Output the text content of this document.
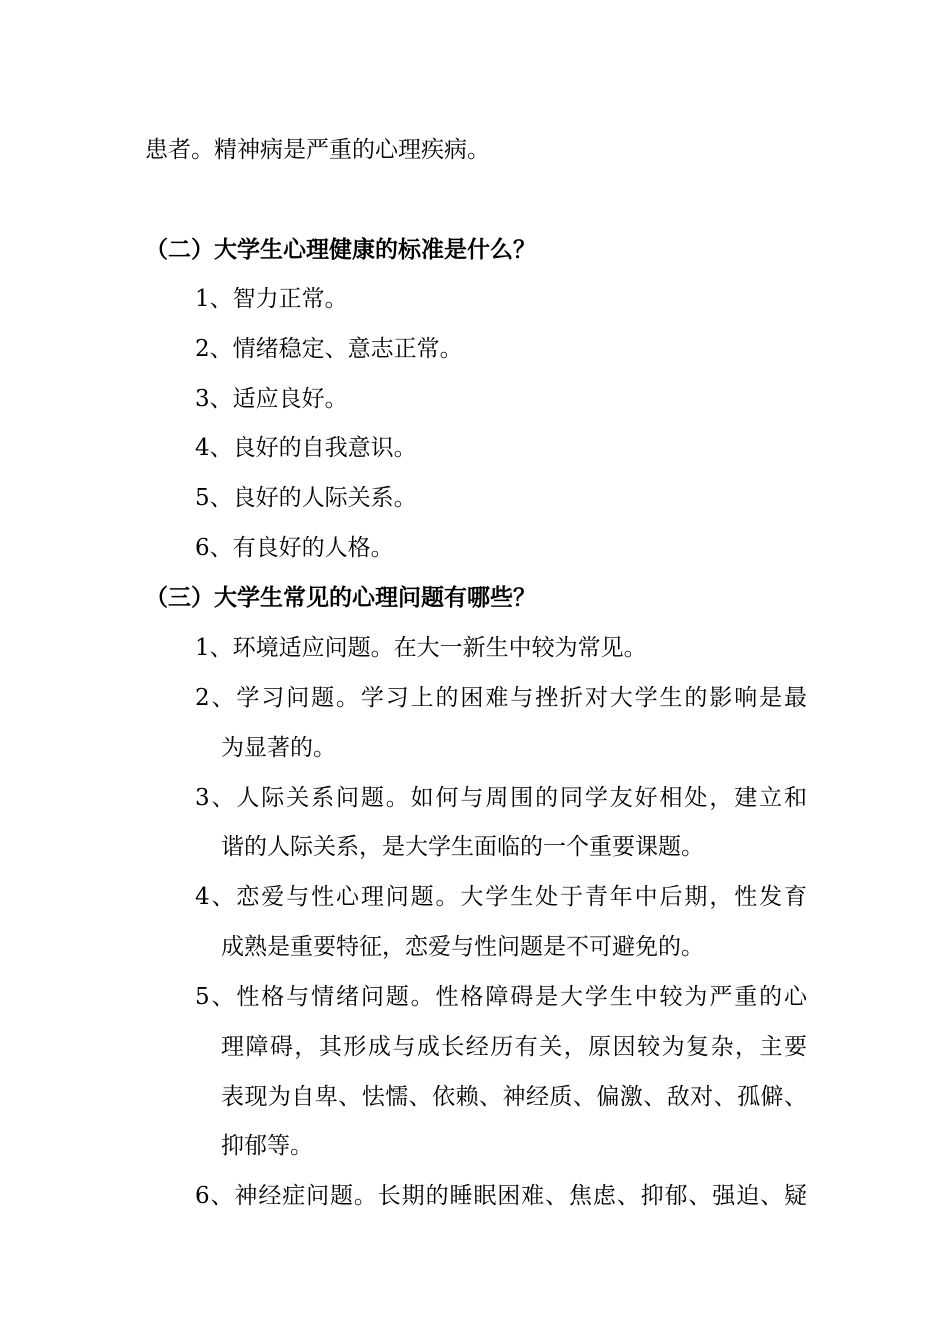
患者。精神病是严重的心理疾病。
（二）大学生心理健康的标准是什么？
1、智力正常。
2、情绪稳定、意志正常。
3、适应良好。
4、良好的自我意识。
5、良好的人际关系。
6、有良好的人格。
（三）大学生常见的心理问题有哪些？
1、环境适应问题。在大一新生中较为常见。
2、学习问题。学习上的困难与挫折对大学生的影响是最
为显著的。
3、人际关系问题。如何与周围的同学友好相处，建立和
谐的人际关系，是大学生面临的一个重要课题。
4、恋爱与性心理问题。大学生处于青年中后期，性发育
成熟是重要特征，恋爱与性问题是不可避免的。
5、性格与情绪问题。性格障碍是大学生中较为严重的心
理障碍，其形成与成长经历有关，原因较为复杂，主要
表现为自卑、怯懦、依赖、神经质、偏激、敌对、孤僻、
抑郁等。
6、神经症问题。长期的睡眠困难、焦虑、抑郁、强迫、疑
